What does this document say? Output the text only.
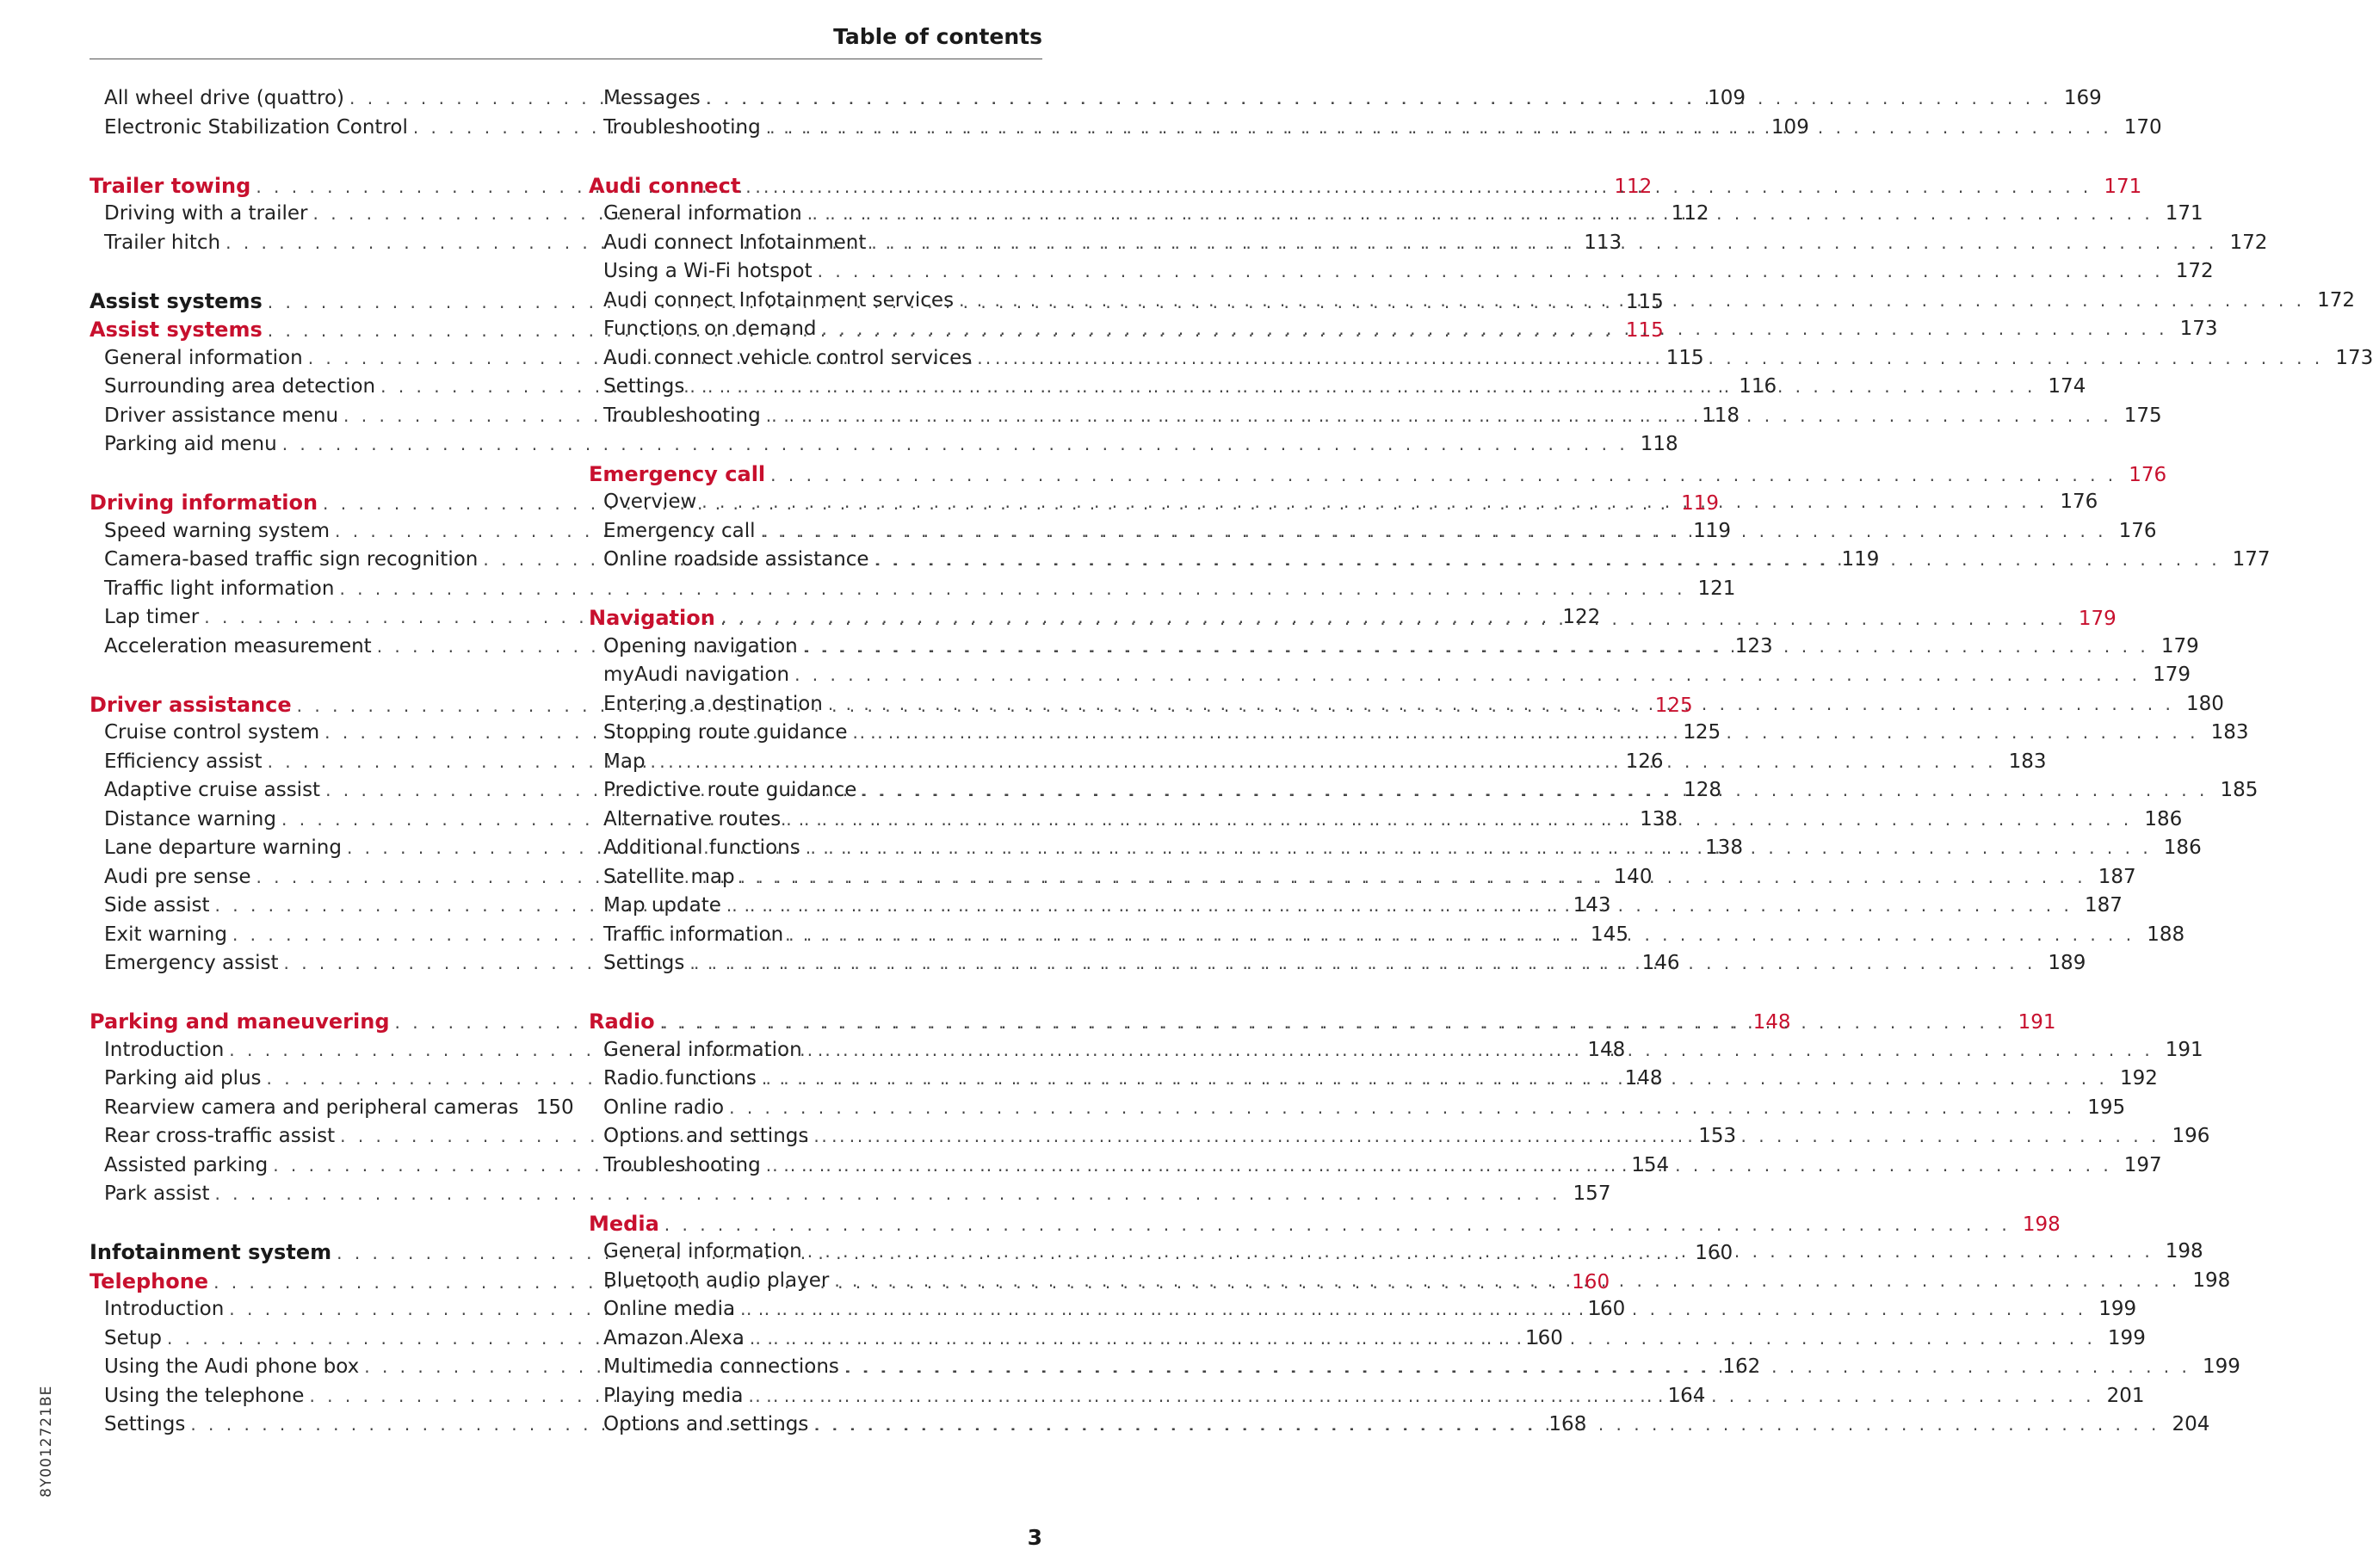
Table of contents
All wheel drive (quattro) . . .	109
Electronic Stabilization Control . . .	109
Trailer towing . . .	112
Driving with a trailer . . .	112
Trailer hitch . . .	113
Assist systems . . .	115
Assist systems . . .	115
General information . . .	115
Surrounding area detection . . .	116
Driver assistance menu . . .	118
Parking aid menu . . .	118
Driving information . . .	119
Speed warning system . . .	119
Camera-based traffic sign recognition . . .	119
Traffic light information . . .	121
Lap timer . . .	122
Acceleration measurement . . .	123
Driver assistance . . .	125
Cruise control system . . .	125
Efficiency assist . . .	126
Adaptive cruise assist . . .	128
Distance warning . . .	138
Lane departure warning . . .	138
Audi pre sense . . .	140
Side assist . . .	143
Exit warning . . .	145
Emergency assist . . .	146
Parking and maneuvering . . .	148
Introduction . . .	148
Parking aid plus . . .	148
Rearview camera and peripheral cameras 150
Rear cross-traffic assist . . .	153
Assisted parking . . .	154
Park assist . . .	157
Infotainment system . . .	160
Telephone . . .	160
Introduction . . .	160
Setup . . .	160
Using the Audi phone box . . .	162
Using the telephone . . .	164
Settings . . .	168
Messages . . .	169
Troubleshooting . . .	170
Audi connect . . .	171
General information . . .	171
Audi connect Infotainment . . .	172
Using a Wi-Fi hotspot . . .	172
Audi connect Infotainment services . . .	172
Functions on demand . . .	173
Audi connect vehicle control services . . .	173
Settings . . .	174
Troubleshooting . . .	175
Emergency call . . .	176
Overview . . .	176
Emergency call . . .	176
Online roadside assistance . . .	177
Navigation . . .	179
Opening navigation . . .	179
myAudi navigation . . .	179
Entering a destination . . .	180
Stopping route guidance . . .	183
Map . . .	183
Predictive route guidance . . .	185
Alternative routes . . .	186
Additional functions . . .	186
Satellite map . . .	187
Map update . . .	187
Traffic information . . .	188
Settings . . .	189
Radio . . .	191
General information . . .	191
Radio functions . . .	192
Online radio . . .	195
Options and settings . . .	196
Troubleshooting . . .	197
Media . . .	198
General information . . .	198
Bluetooth audio player . . .	198
Online media . . .	199
Amazon Alexa . . .	199
Multimedia connections . . .	199
Playing media . . .	201
Options and settings . . .	204
8Y0012721BE
3
